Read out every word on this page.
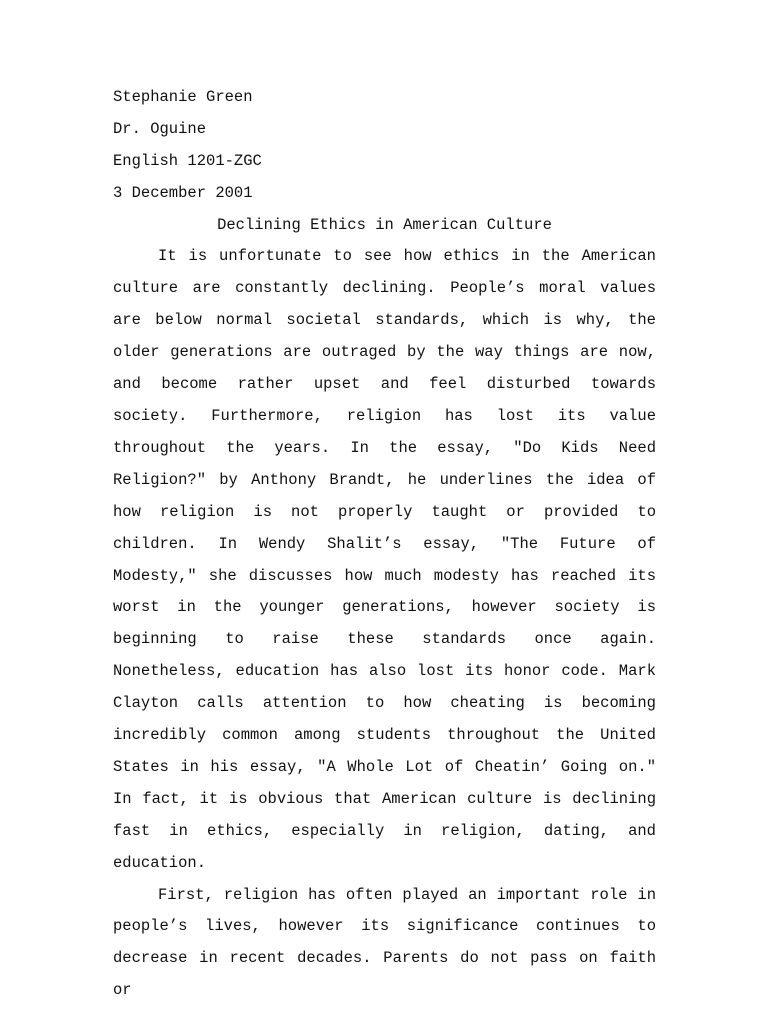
Stephanie Green
Dr. Oguine
English 1201-ZGC
3 December 2001
Declining Ethics in American Culture

It is unfortunate to see how ethics in the American culture are constantly declining. People’s moral values are below normal societal standards, which is why, the older generations are outraged by the way things are now, and become rather upset and feel disturbed towards society. Furthermore, religion has lost its value throughout the years. In the essay, "Do Kids Need Religion?" by Anthony Brandt, he underlines the idea of how religion is not properly taught or provided to children. In Wendy Shalit’s essay, "The Future of Modesty," she discusses how much modesty has reached its worst in the younger generations, however society is beginning to raise these standards once again. Nonetheless, education has also lost its honor code. Mark Clayton calls attention to how cheating is becoming incredibly common among students throughout the United States in his essay, "A Whole Lot of Cheatin’ Going on." In fact, it is obvious that American culture is declining fast in ethics, especially in religion, dating, and education.

First, religion has often played an important role in people’s lives, however its significance continues to decrease in recent decades. Parents do not pass on faith or
